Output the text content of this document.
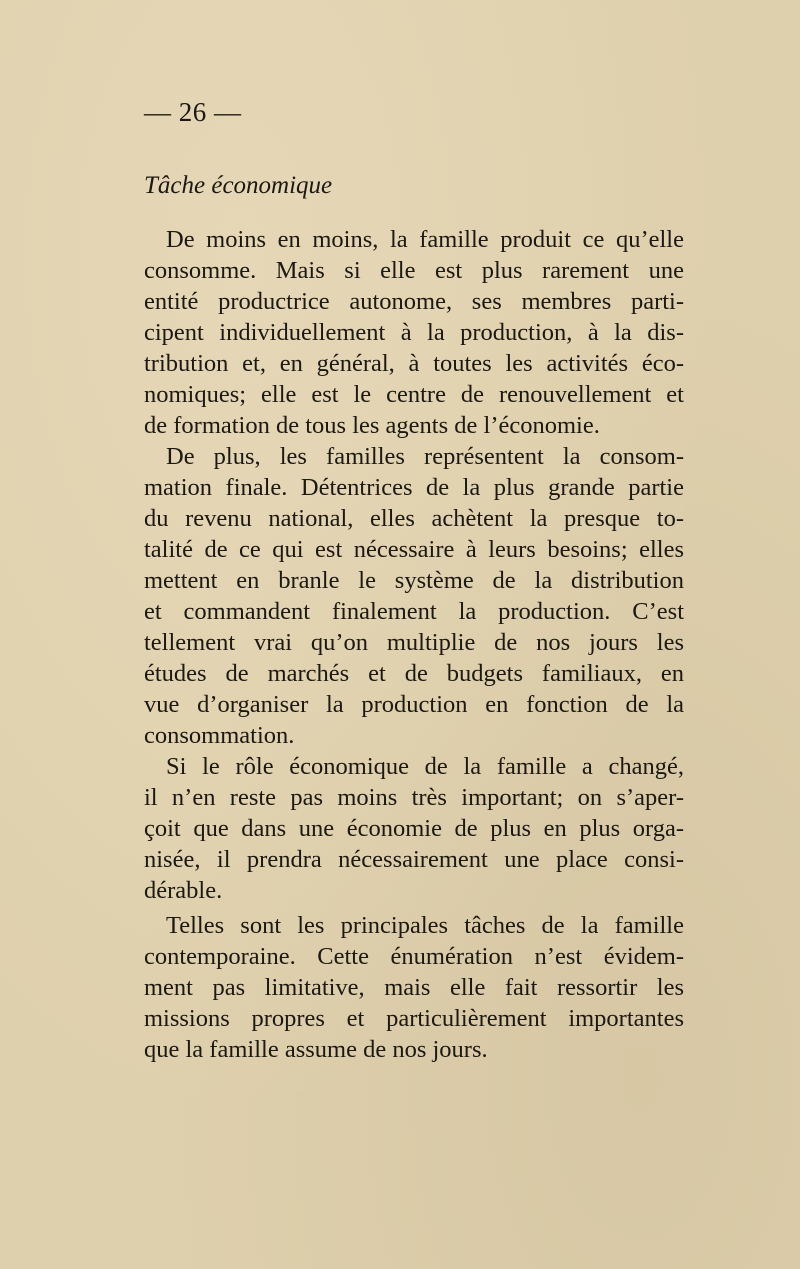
— 26 —
Tâche économique
De moins en moins, la famille produit ce qu’elle
consomme. Mais si elle est plus rarement une
entité productrice autonome, ses membres parti-
cipent individuellement à la production, à la dis-
tribution et, en général, à toutes les activités éco-
nomiques; elle est le centre de renouvellement et
de formation de tous les agents de l’économie.
De plus, les familles représentent la consom-
mation finale. Détentrices de la plus grande partie
du revenu national, elles achètent la presque to-
talité de ce qui est nécessaire à leurs besoins; elles
mettent en branle le système de la distribution
et commandent finalement la production. C’est
tellement vrai qu’on multiplie de nos jours les
études de marchés et de budgets familiaux, en
vue d’organiser la production en fonction de la
consommation.
Si le rôle économique de la famille a changé,
il n’en reste pas moins très important; on s’aper-
çoit que dans une économie de plus en plus orga-
nisée, il prendra nécessairement une place consi-
dérable.
Telles sont les principales tâches de la famille
contemporaine. Cette énumération n’est évidem-
ment pas limitative, mais elle fait ressortir les
missions propres et particulièrement importantes
que la famille assume de nos jours.
